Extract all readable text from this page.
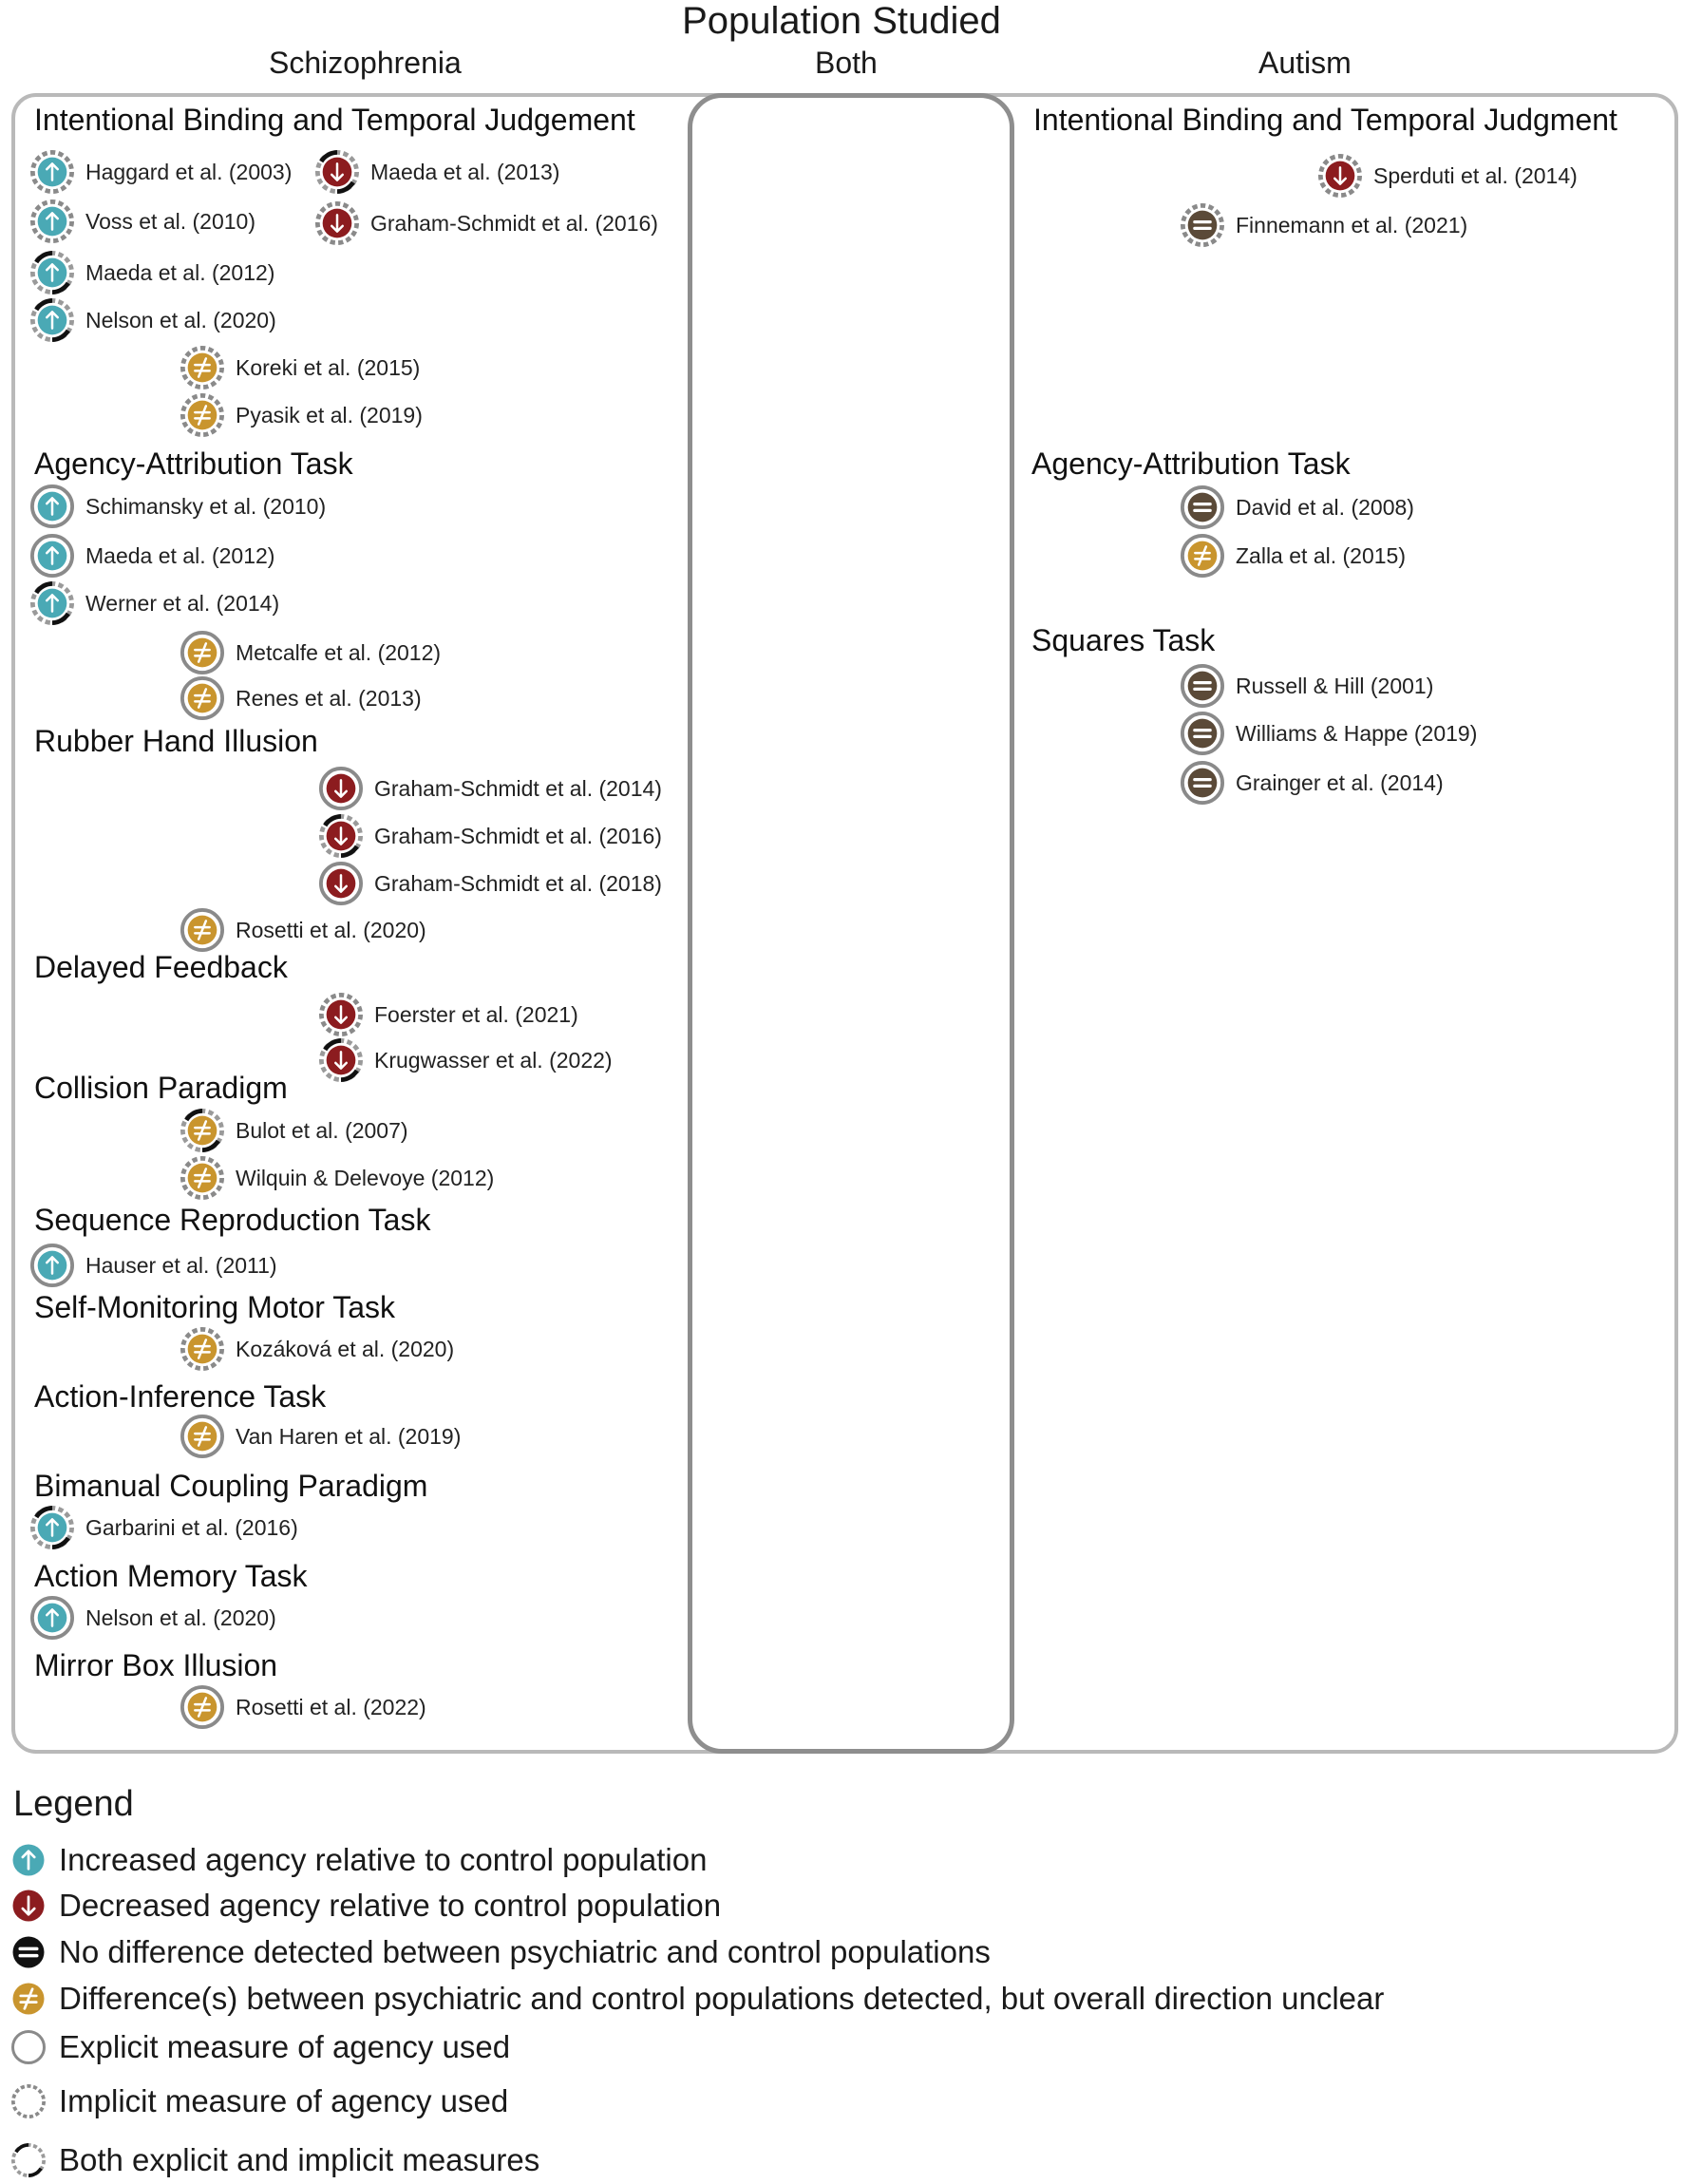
Population Studied
Schizophrenia	Both	Autism
Intentional Binding and Temporal Judgement
Haggard et al. (2003)
Voss et al. (2010)
Maeda et al. (2012)
Nelson et al. (2020)
Koreki et al. (2015)
Pyasik et al. (2019)
Maeda et al. (2013)
Graham-Schmidt et al. (2016)
Agency-Attribution Task
Schimansky et al. (2010)
Maeda et al. (2012)
Werner et al. (2014)
Metcalfe et al. (2012)
Renes et al. (2013)
Rubber Hand Illusion
Graham-Schmidt et al. (2014)
Graham-Schmidt et al. (2016)
Graham-Schmidt et al. (2018)
Rosetti et al. (2020)
Delayed Feedback
Foerster et al. (2021)
Krugwasser et al. (2022)
Collision Paradigm
Bulot et al. (2007)
Wilquin & Delevoye (2012)
Sequence Reproduction Task
Hauser et al. (2011)
Self-Monitoring Motor Task
Kozáková et al. (2020)
Action-Inference Task
Van Haren et al. (2019)
Bimanual Coupling Paradigm
Garbarini et al. (2016)
Action Memory Task
Nelson et al. (2020)
Mirror Box Illusion
Rosetti et al. (2022)
Intentional Binding and Temporal Judgment
Sperduti et al. (2014)
Finnemann et al. (2021)
Agency-Attribution Task
David et al. (2008)
Zalla et al. (2015)
Squares Task
Russell & Hill (2001)
Williams & Happe (2019)
Grainger et al. (2014)
Legend
Increased agency relative to control population
Decreased agency relative to control population
No difference detected between psychiatric and control populations
Difference(s) between psychiatric and control populations detected, but overall direction unclear
Explicit measure of agency used
Implicit measure of agency used
Both explicit and implicit measures
